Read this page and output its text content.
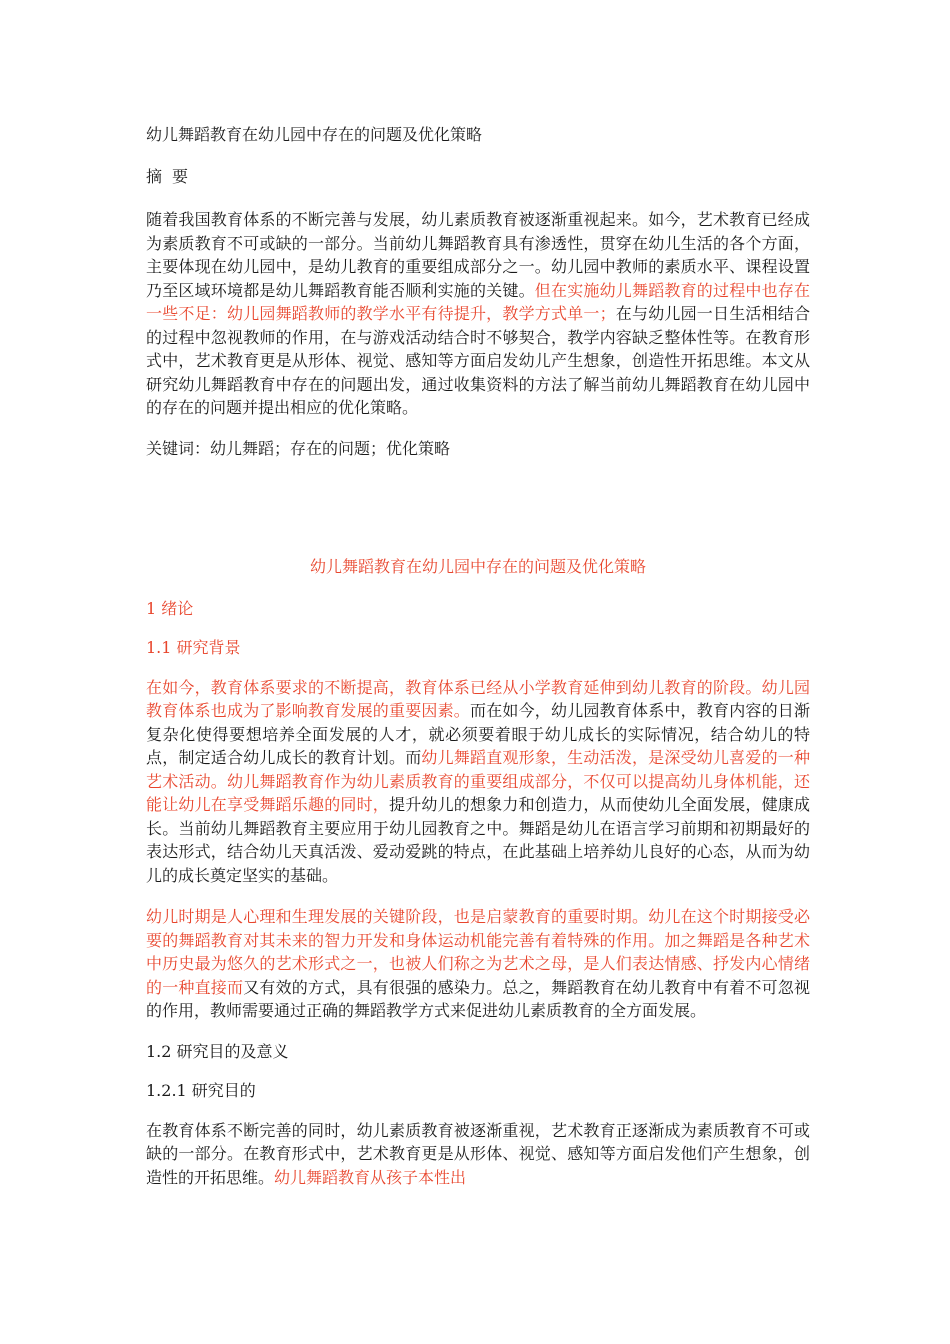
幼儿舞蹈教育在幼儿园中存在的问题及优化策略
摘要

随着我国教育体系的不断完善与发展，幼儿素质教育被逐渐重视起来。如今，艺术教育已经成为素质教育不可或缺的一部分。当前幼儿舞蹈教育具有渗透性，贯穿在幼儿生活的各个方面，主要体现在幼儿园中，是幼儿教育的重要组成部分之一。幼儿园中教师的素质水平、课程设置乃至区域环境都是幼儿舞蹈教育能否顺利实施的关键。但在实施幼儿舞蹈教育的过程中也存在一些不足：幼儿园舞蹈教师的教学水平有待提升，教学方式单一；在与幼儿园一日生活相结合的过程中忽视教师的作用，在与游戏活动结合时不够契合，教学内容缺乏整体性等。在教育形式中，艺术教育更是从形体、视觉、感知等方面启发幼儿产生想象，创造性开拓思维。本文从研究幼儿舞蹈教育中存在的问题出发，通过收集资料的方法了解当前幼儿舞蹈教育在幼儿园中的存在的问题并提出相应的优化策略。

关键词：幼儿舞蹈；存在的问题；优化策略
幼儿舞蹈教育在幼儿园中存在的问题及优化策略
1 绪论
1.1 研究背景

在如今，教育体系要求的不断提高，教育体系已经从小学教育延伸到幼儿教育的阶段。幼儿园教育体系也成为了影响教育发展的重要因素。而在如今，幼儿园教育体系中，教育内容的日渐复杂化使得要想培养全面发展的人才，就必须要着眼于幼儿成长的实际情况，结合幼儿的特点，制定适合幼儿成长的教育计划。而幼儿舞蹈直观形象，生动活泼，是深受幼儿喜爱的一种艺术活动。幼儿舞蹈教育作为幼儿素质教育的重要组成部分，不仅可以提高幼儿身体机能，还能让幼儿在享受舞蹈乐趣的同时，提升幼儿的想象力和创造力，从而使幼儿全面发展，健康成长。当前幼儿舞蹈教育主要应用于幼儿园教育之中。舞蹈是幼儿在语言学习前期和初期最好的表达形式，结合幼儿天真活泼、爱动爱跳的特点，在此基础上培养幼儿良好的心态，从而为幼儿的成长奠定坚实的基础。

幼儿时期是人心理和生理发展的关键阶段，也是启蒙教育的重要时期。幼儿在这个时期接受必要的舞蹈教育对其未来的智力开发和身体运动机能完善有着特殊的作用。加之舞蹈是各种艺术中历史最为悠久的艺术形式之一，也被人们称之为艺术之母，是人们表达情感、抒发内心情绪的一种直接而又有效的方式，具有很强的感染力。总之，舞蹈教育在幼儿教育中有着不可忽视的作用，教师需要通过正确的舞蹈教学方式来促进幼儿素质教育的全方面发展。

1.2 研究目的及意义
1.2.1 研究目的

在教育体系不断完善的同时，幼儿素质教育被逐渐重视，艺术教育正逐渐成为素质教育不可或缺的一部分。在教育形式中，艺术教育更是从形体、视觉、感知等方面启发他们产生想象，创造性的开拓思维。幼儿舞蹈教育从孩子本性出
